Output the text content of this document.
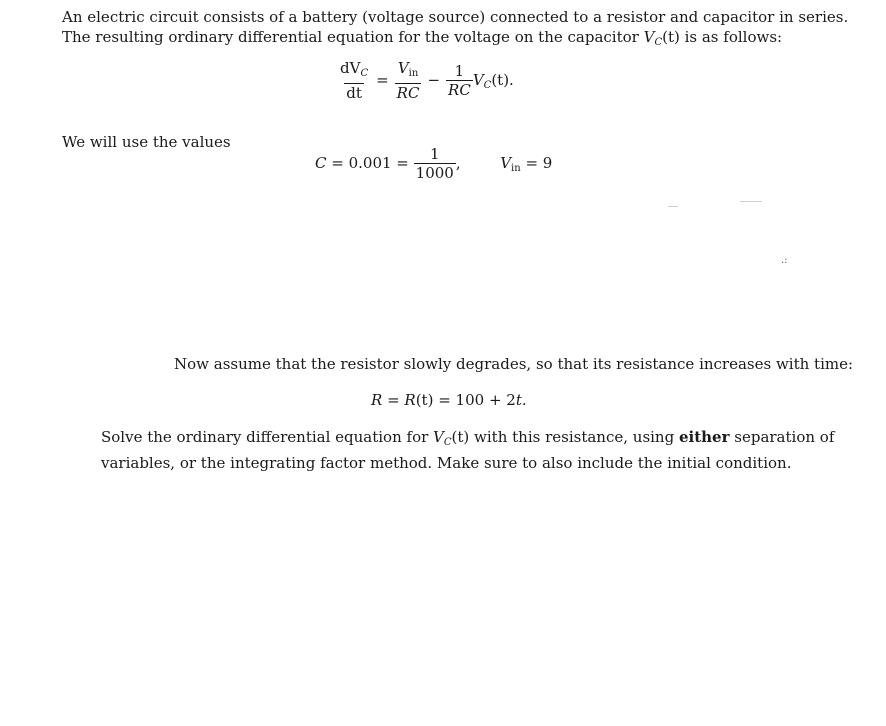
An electric circuit consists of a battery (voltage source) connected to a resistor and capacitor in series.
The resulting ordinary differential equation for the voltage on the capacitor $V_C(t)$ is as follows:
$\frac{dV_C}{dt} = \frac{V_{in}}{RC} - \frac{1}{RC} V_C(t)$.
We will use the values
$C = 0.001 = \frac{1}{1000}$ ,	$V_{in} = 9$
.:
Now assume that the resistor slowly degrades, so that its resistance increases with time:
R = R(t) = 100 + 2t.
Solve the ordinary differential equation for $V_C(t)$ with this resistance, using either separation of
variables, or the integrating factor method. Make sure to also include the initial condition.
